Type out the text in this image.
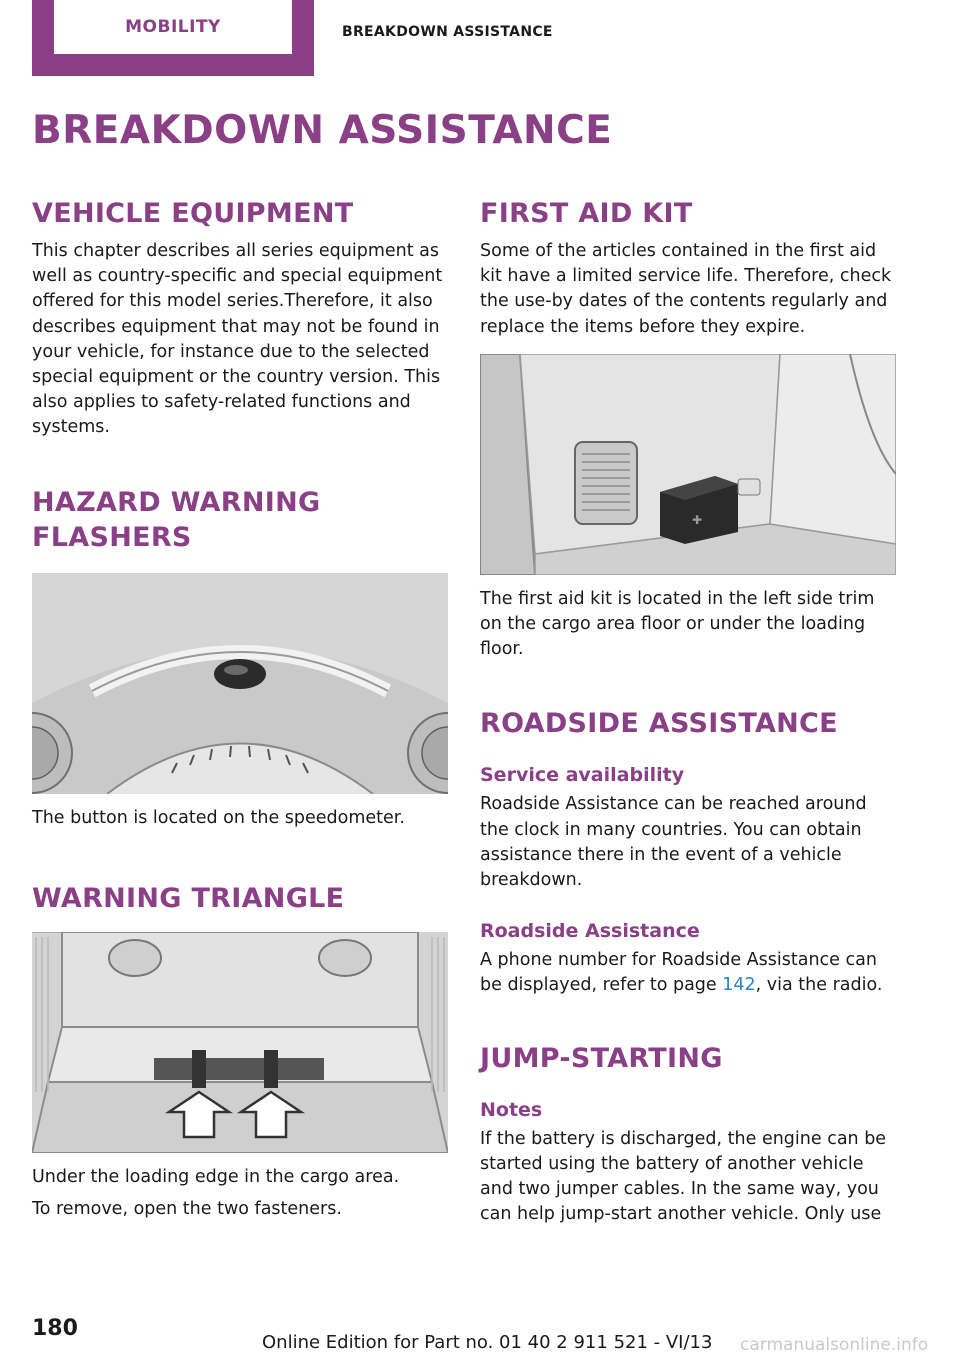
MOBILITY	BREAKDOWN ASSISTANCE
BREAKDOWN ASSISTANCE
VEHICLE EQUIPMENT

This chapter describes all series equipment as well as country-specific and special equipment offered for this model series.Therefore, it also describes equipment that may not be found in your vehicle, for instance due to the selected special equipment or the country version. This also applies to safety-related functions and systems.

HAZARD WARNING FLASHERS

The button is located on the speedometer.

WARNING TRIANGLE

Under the loading edge in the cargo area.

To remove, open the two fasteners.

FIRST AID KIT

Some of the articles contained in the first aid kit have a limited service life. Therefore, check the use-by dates of the contents regularly and replace the items before they expire.

✚

The first aid kit is located in the left side trim on the cargo area floor or under the loading floor.

ROADSIDE ASSISTANCE
Service availability

Roadside Assistance can be reached around the clock in many countries. You can obtain assistance there in the event of a vehicle breakdown.

Roadside Assistance

A phone number for Roadside Assistance can be displayed, refer to page 142, via the radio.

JUMP-STARTING
Notes

If the battery is discharged, the engine can be started using the battery of another vehicle and two jumper cables. In the same way, you can help jump-start another vehicle. Only use

180
Online Edition for Part no. 01 40 2 911 521 - VI/13 carmanualsonline.info
